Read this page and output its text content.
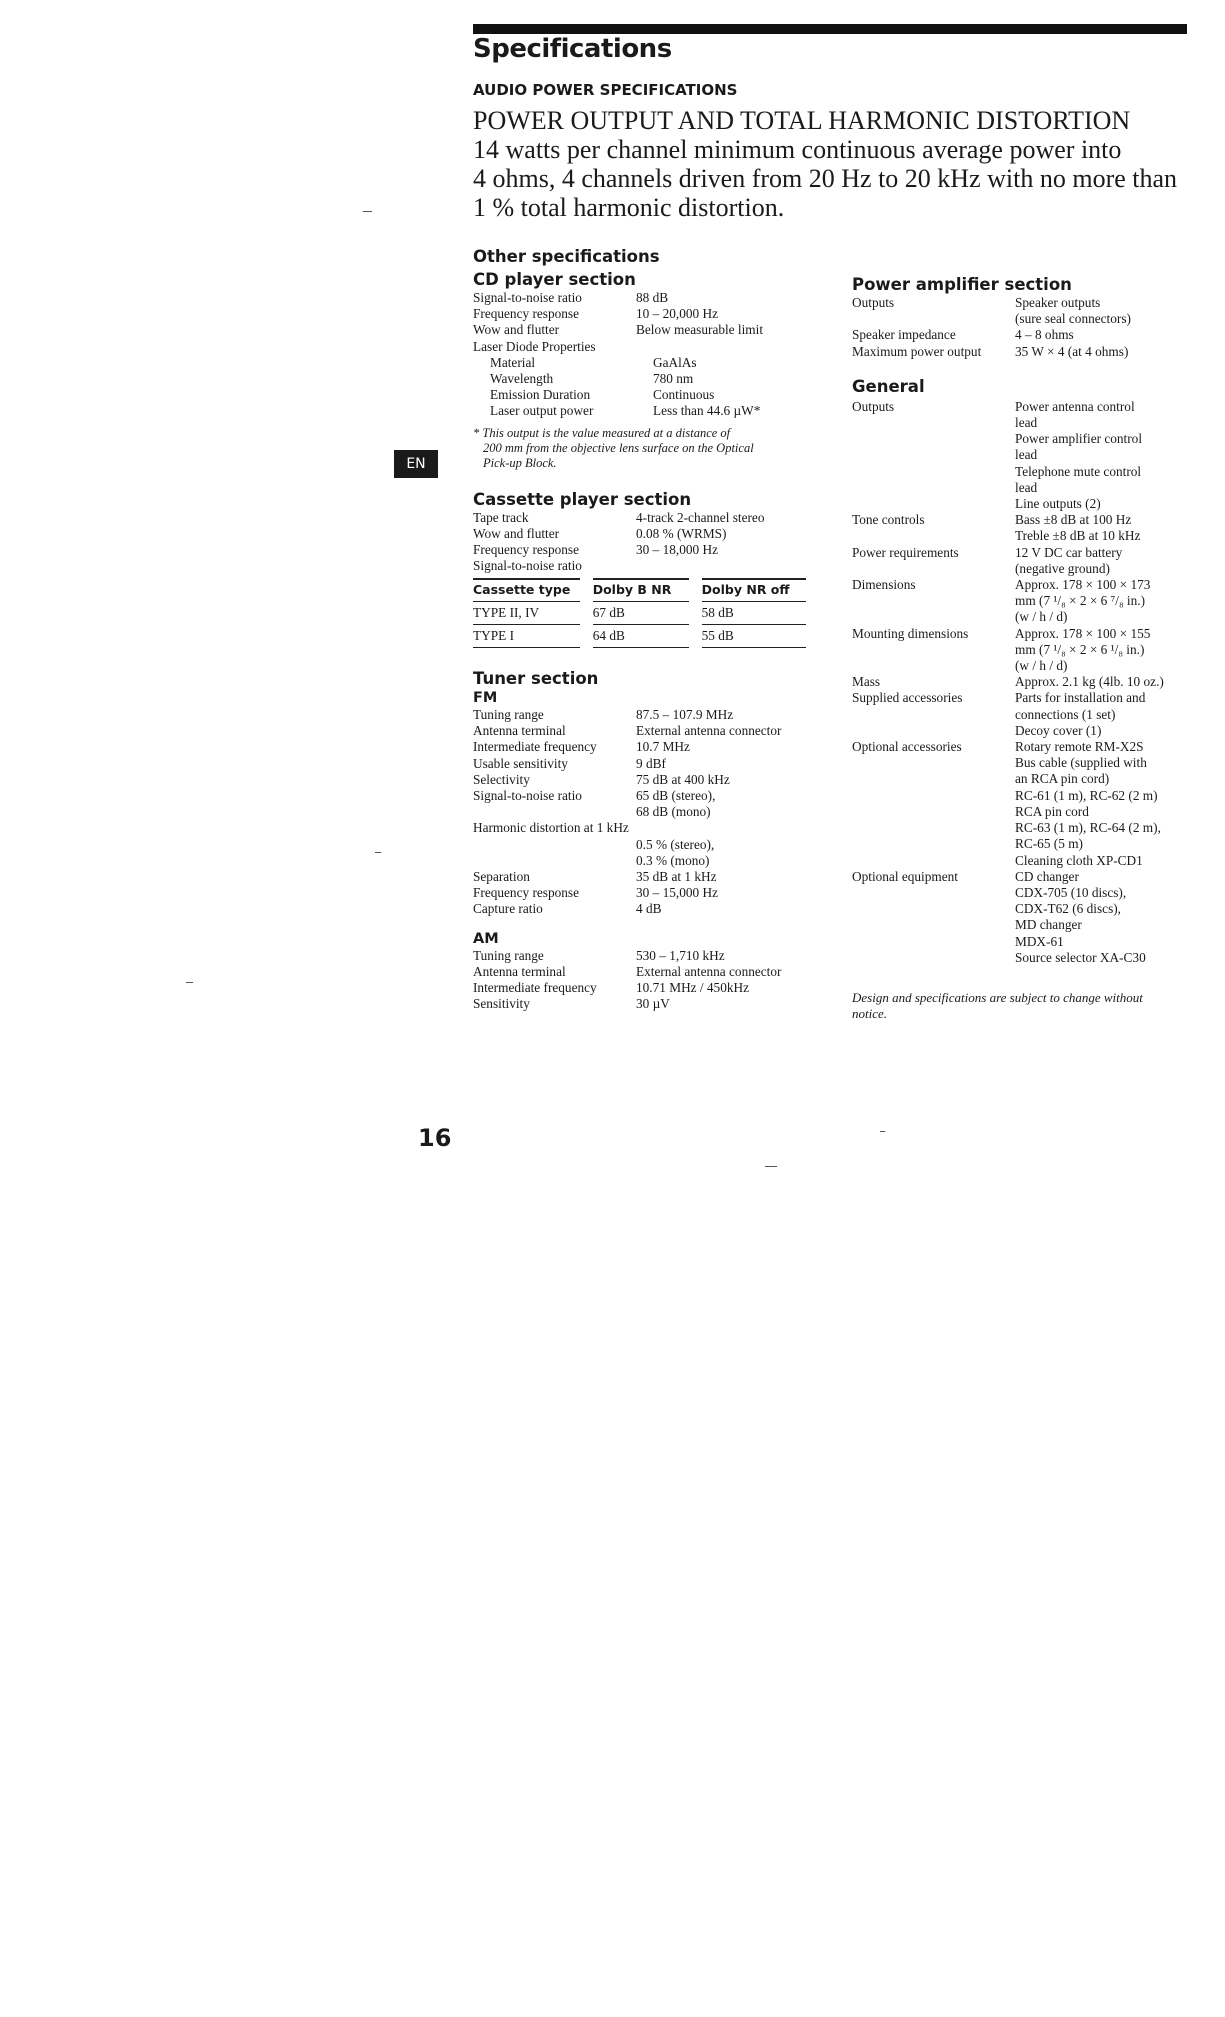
Specifications
AUDIO POWER SPECIFICATIONS
POWER OUTPUT AND TOTAL HARMONIC DISTORTION
14 watts per channel minimum continuous average power into
4 ohms, 4 channels driven from 20 Hz to 20 kHz with no more than
1 % total harmonic distortion.
EN
Other specifications
CD player section
Signal-to-noise ratio	88 dB
Frequency response	10 – 20,000 Hz
Wow and flutter	Below measurable limit
Laser Diode Properties
Material	GaAlAs
Wavelength	780 nm
Emission Duration	Continuous
Laser output power	Less than 44.6 µW*
* This output is the value measured at a distance of
200 mm from the objective lens surface on the Optical
Pick-up Block.
Cassette player section
Tape track	4-track 2-channel stereo
Wow and flutter	0.08 % (WRMS)
Frequency response	30 – 18,000 Hz
Signal-to-noise ratio
Cassette type		Dolby B NR		Dolby NR off
TYPE II, IV		67 dB		58 dB
TYPE I		64 dB		55 dB
Tuner section
FM
Tuning range	87.5 – 107.9 MHz
Antenna terminal	External antenna connector
Intermediate frequency	10.7 MHz
Usable sensitivity	9 dBf
Selectivity	75 dB at 400 kHz
Signal-to-noise ratio	65 dB (stereo),
68 dB (mono)
Harmonic distortion at 1 kHz
0.5 % (stereo),
0.3 % (mono)
Separation	35 dB at 1 kHz
Frequency response	30 – 15,000 Hz
Capture ratio	4 dB
AM
Tuning range	530 – 1,710 kHz
Antenna terminal	External antenna connector
Intermediate frequency	10.71 MHz / 450kHz
Sensitivity	30 µV
Power amplifier section
Outputs	Speaker outputs
(sure seal connectors)
Speaker impedance	4 – 8 ohms
Maximum power output	35 W × 4 (at 4 ohms)
General
Outputs	Power antenna control
lead
Power amplifier control
lead
Telephone mute control
lead
Line outputs (2)
Tone controls	Bass ±8 dB at 100 Hz
Treble ±8 dB at 10 kHz
Power requirements	12 V DC car battery
(negative ground)
Dimensions	Approx. 178 × 100 × 173
mm (7 ¹/₈ × 2 × 6 ⁷/₈ in.)
(w / h / d)
Mounting dimensions	Approx. 178 × 100 × 155
mm (7 ¹/₈ × 2 × 6 ¹/₈ in.)
(w / h / d)
Mass	Approx. 2.1 kg (4lb. 10 oz.)
Supplied accessories	Parts for installation and
connections (1 set)
Decoy cover (1)
Optional accessories	Rotary remote RM-X2S
Bus cable (supplied with
an RCA pin cord)
RC-61 (1 m), RC-62 (2 m)
RCA pin cord
RC-63 (1 m), RC-64 (2 m),
RC-65 (5 m)
Cleaning cloth XP-CD1
Optional equipment	CD changer
CDX-705 (10 discs),
CDX-T62 (6 discs),
MD changer
MDX-61
Source selector XA-C30
Design and specifications are subject to change without
notice.
16
